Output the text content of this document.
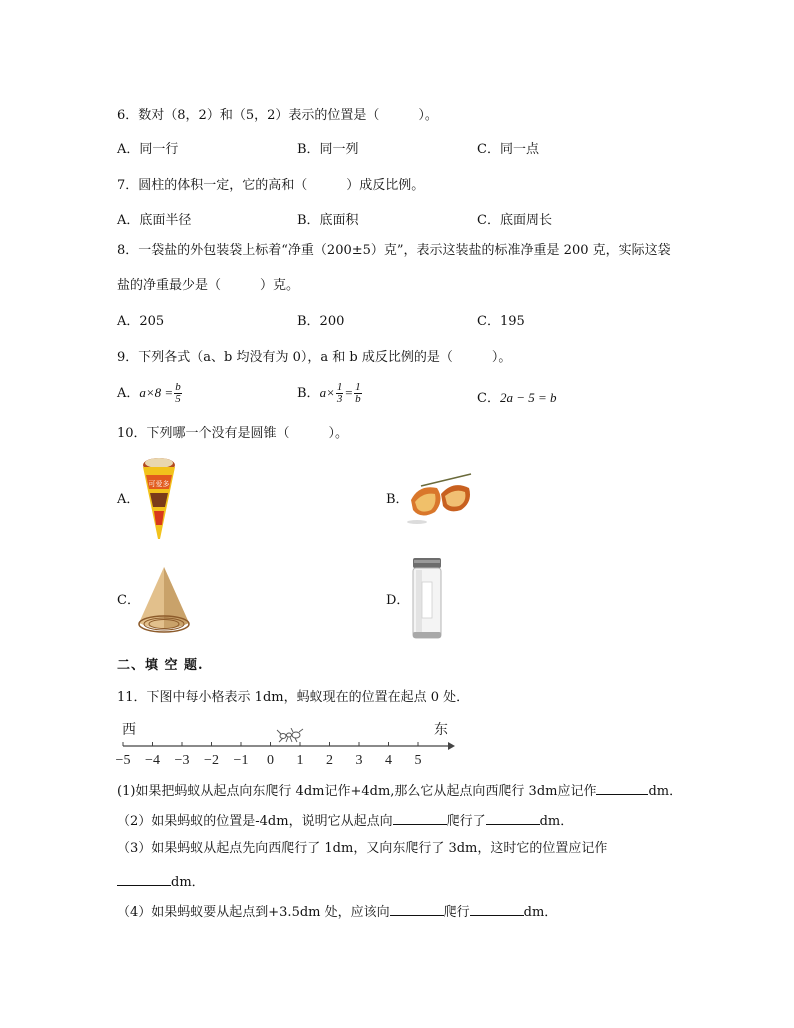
6．数对（8，2）和（5，2）表示的位置是（　　　）。
A．同一行	B．同一列	C．同一点
7．圆柱的体积一定，它的高和（　　　）成反比例。
A．底面半径	B．底面积	C．底面周长
8．一袋盐的外包装袋上标着“净重（200±5）克”，表示这装盐的标准净重是 200 克，实际这袋
盐的净重最少是（　　　）克。
A．205	B．200	C．195
9．下列各式（a、b 均没有为 0），a 和 b 成反比例的是（　　　）。
A．$a\times 8 = \frac{b}{5}$	B．$a\times \frac{1}{3} = \frac{1}{b}$	C．2a − 5 = b
10．下列哪一个没有是圆锥（　　　）。
A．	B．
C．	D．
可爱多
二、填 空 题.
11．下图中每小格表示 1dm，蚂蚁现在的位置在起点 0 处．
西	东
−5 −4 −3 −2 −1 0 1 2 3 4 5
(1)如果把蚂蚁从起点向东爬行 4dm记作+4dm,那么它从起点向西爬行 3dm应记作	dm．
（2）如果蚂蚁的位置是-4dm，说明它从起点向	爬行了	dm．
（3）如果蚂蚁从起点先向西爬行了 1dm，又向东爬行了 3dm，这时它的位置应记作
dm．
（4）如果蚂蚁要从起点到+3.5dm 处，应该向	爬行	dm．
